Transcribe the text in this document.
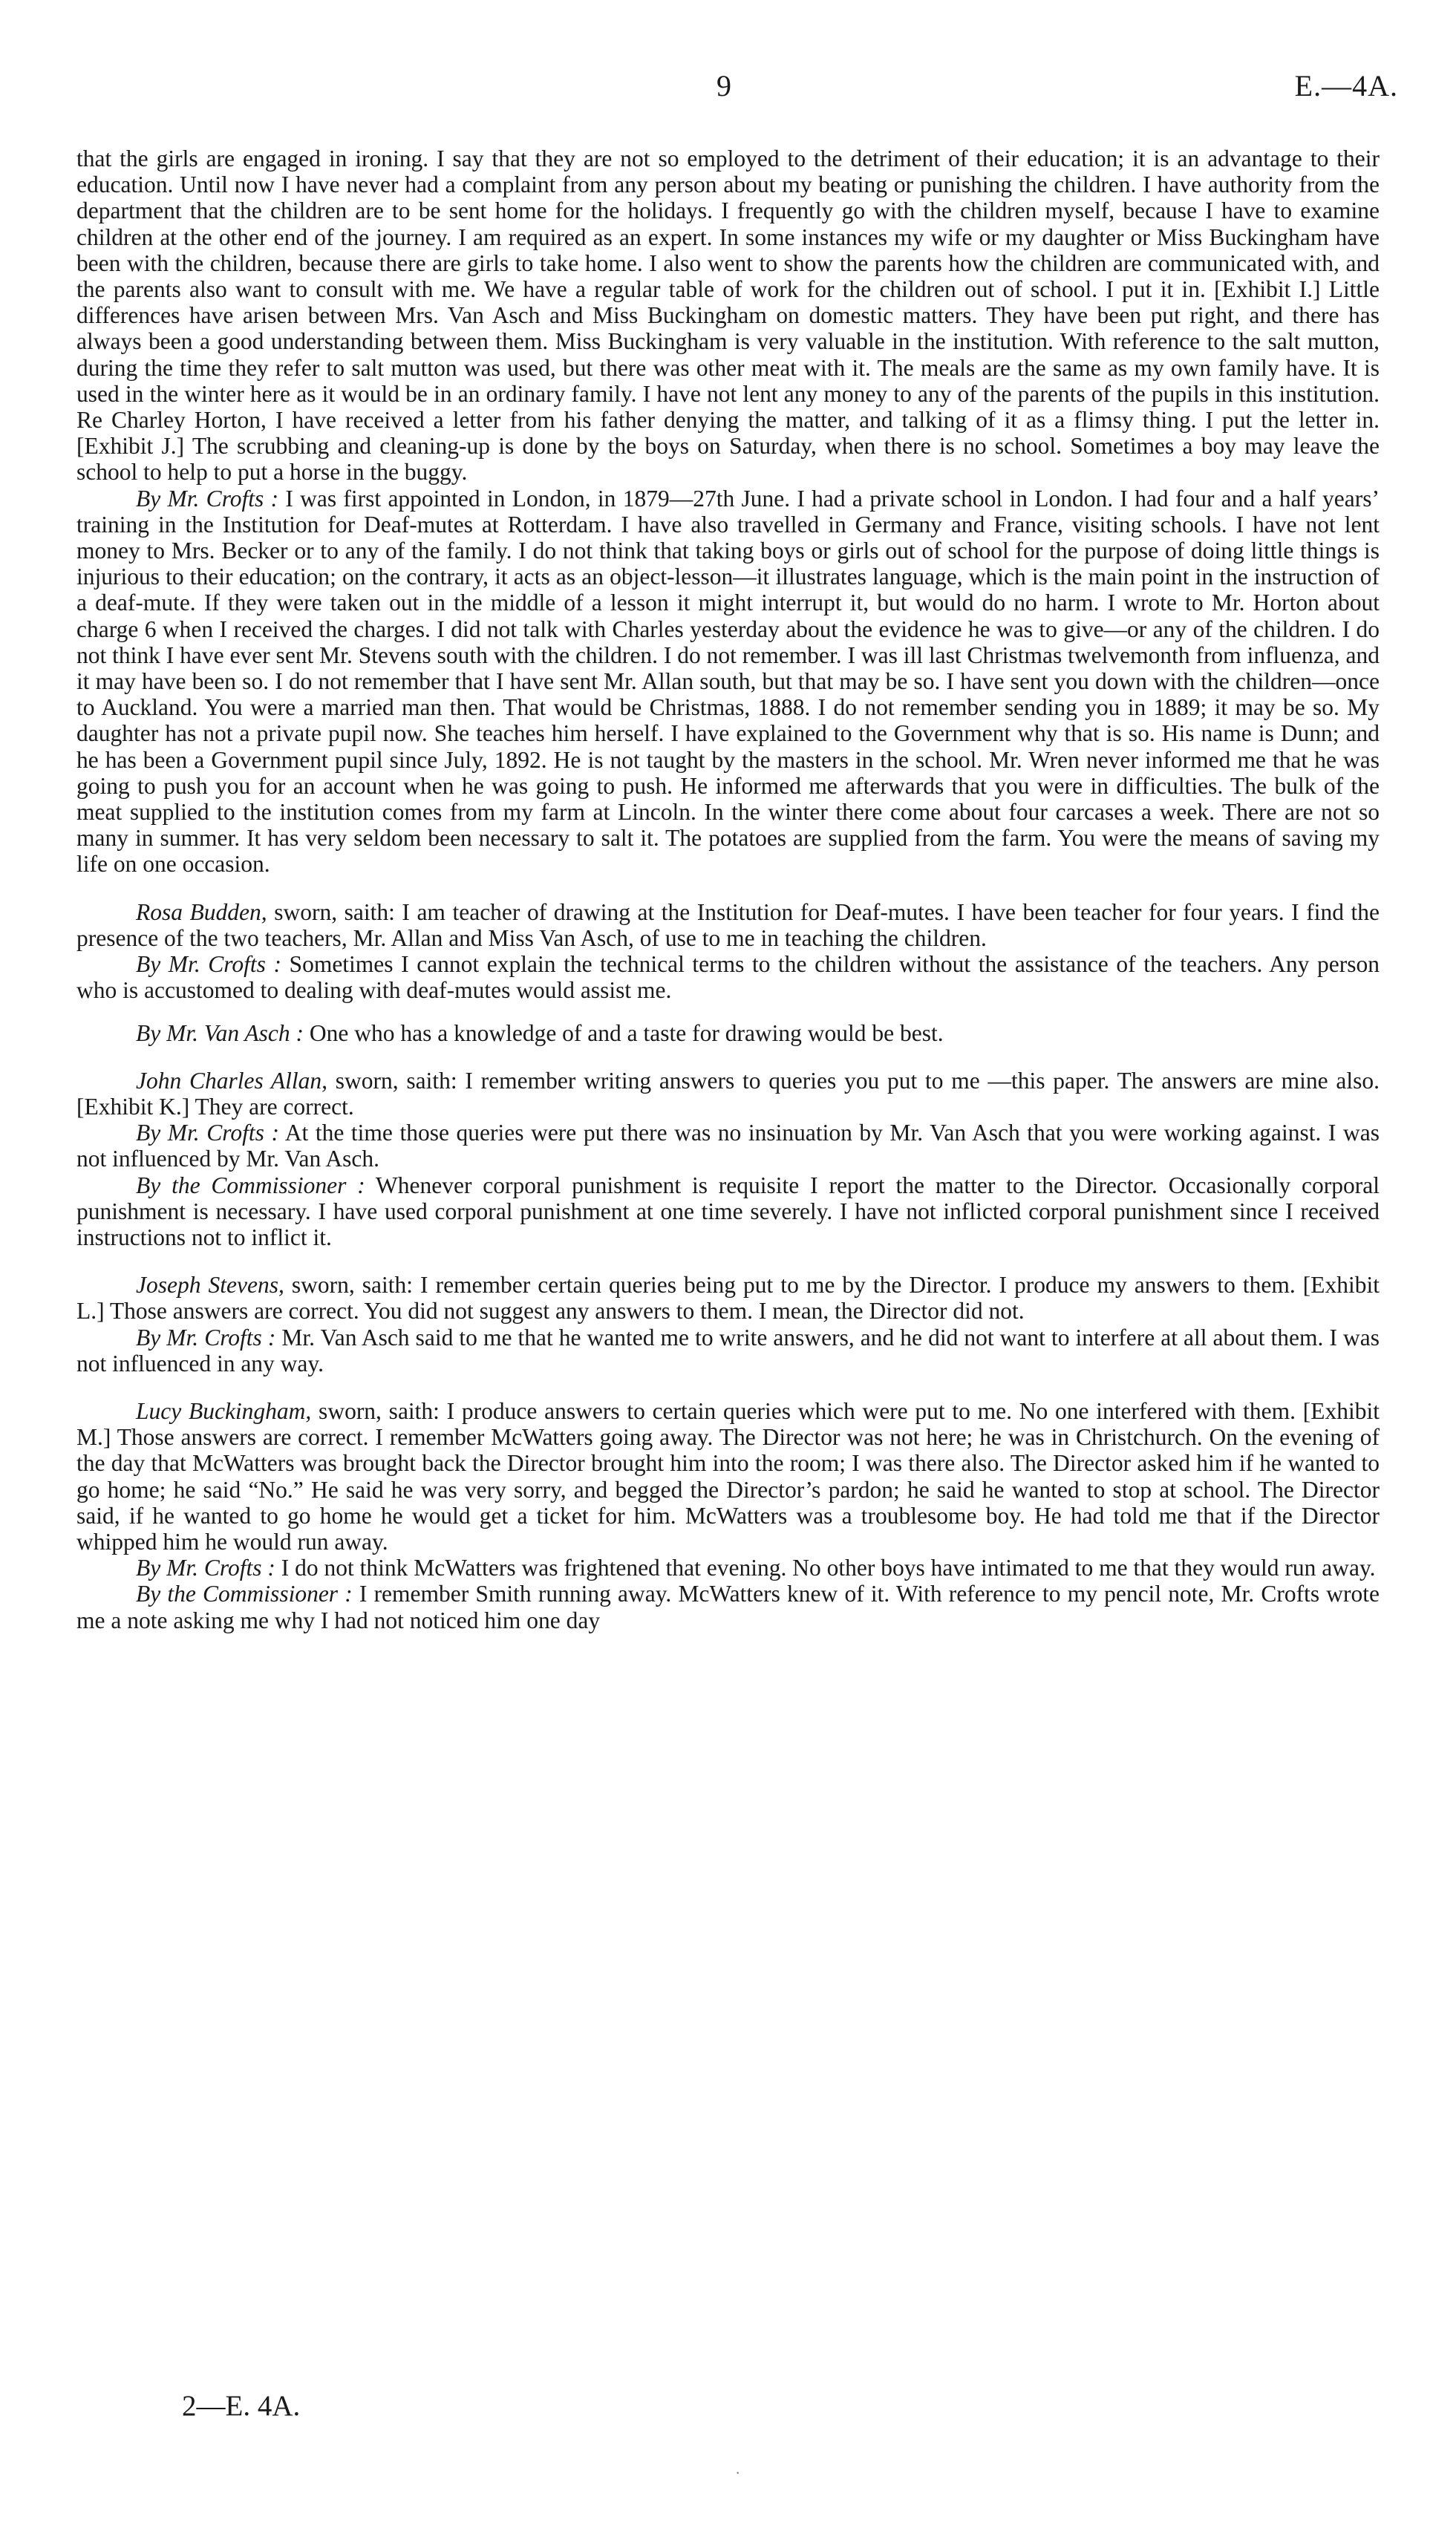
9	E.—4A.

that the girls are engaged in ironing. I say that they are not so employed to the detriment of their education; it is an advantage to their education. Until now I have never had a complaint from any person about my beating or punishing the children. I have authority from the department that the children are to be sent home for the holidays. I frequently go with the children myself, because I have to examine children at the other end of the journey. I am required as an expert. In some instances my wife or my daughter or Miss Buckingham have been with the children, because there are girls to take home. I also went to show the parents how the children are communicated with, and the parents also want to consult with me. We have a regular table of work for the children out of school. I put it in. [Exhibit I.] Little differences have arisen between Mrs. Van Asch and Miss Buckingham on domestic matters. They have been put right, and there has always been a good understanding between them. Miss Buckingham is very valuable in the institution. With reference to the salt mutton, during the time they refer to salt mutton was used, but there was other meat with it. The meals are the same as my own family have. It is used in the winter here as it would be in an ordinary family. I have not lent any money to any of the parents of the pupils in this institution. Re Charley Horton, I have received a letter from his father denying the matter, and talking of it as a flimsy thing. I put the letter in. [Exhibit J.] The scrubbing and cleaning-up is done by the boys on Saturday, when there is no school. Sometimes a boy may leave the school to help to put a horse in the buggy.

By Mr. Crofts : I was first appointed in London, in 1879—27th June. I had a private school in London. I had four and a half years’ training in the Institution for Deaf-mutes at Rotterdam. I have also travelled in Germany and France, visiting schools. I have not lent money to Mrs. Becker or to any of the family. I do not think that taking boys or girls out of school for the purpose of doing little things is injurious to their education; on the contrary, it acts as an object-lesson—it illustrates language, which is the main point in the instruction of a deaf-mute. If they were taken out in the middle of a lesson it might interrupt it, but would do no harm. I wrote to Mr. Horton about charge 6 when I received the charges. I did not talk with Charles yesterday about the evidence he was to give—or any of the children. I do not think I have ever sent Mr. Stevens south with the children. I do not remember. I was ill last Christmas twelvemonth from influenza, and it may have been so. I do not remember that I have sent Mr. Allan south, but that may be so. I have sent you down with the children—once to Auckland. You were a married man then. That would be Christmas, 1888. I do not remember sending you in 1889; it may be so. My daughter has not a private pupil now. She teaches him herself. I have explained to the Government why that is so. His name is Dunn; and he has been a Government pupil since July, 1892. He is not taught by the masters in the school. Mr. Wren never informed me that he was going to push you for an account when he was going to push. He informed me afterwards that you were in difficulties. The bulk of the meat supplied to the institution comes from my farm at Lincoln. In the winter there come about four carcases a week. There are not so many in summer. It has very seldom been necessary to salt it. The potatoes are supplied from the farm. You were the means of saving my life on one occasion.

Rosa Budden, sworn, saith: I am teacher of drawing at the Institution for Deaf-mutes. I have been teacher for four years. I find the presence of the two teachers, Mr. Allan and Miss Van Asch, of use to me in teaching the children.

By Mr. Crofts : Sometimes I cannot explain the technical terms to the children without the assistance of the teachers. Any person who is accustomed to dealing with deaf-mutes would assist me.

By Mr. Van Asch : One who has a knowledge of and a taste for drawing would be best.

John Charles Allan, sworn, saith: I remember writing answers to queries you put to me —this paper. The answers are mine also. [Exhibit K.] They are correct.

By Mr. Crofts : At the time those queries were put there was no insinuation by Mr. Van Asch that you were working against. I was not influenced by Mr. Van Asch.

By the Commissioner : Whenever corporal punishment is requisite I report the matter to the Director. Occasionally corporal punishment is necessary. I have used corporal punishment at one time severely. I have not inflicted corporal punishment since I received instructions not to inflict it.

Joseph Stevens, sworn, saith: I remember certain queries being put to me by the Director. I produce my answers to them. [Exhibit L.] Those answers are correct. You did not suggest any answers to them. I mean, the Director did not.

By Mr. Crofts : Mr. Van Asch said to me that he wanted me to write answers, and he did not want to interfere at all about them. I was not influenced in any way.

Lucy Buckingham, sworn, saith: I produce answers to certain queries which were put to me. No one interfered with them. [Exhibit M.] Those answers are correct. I remember McWatters going away. The Director was not here; he was in Christchurch. On the evening of the day that McWatters was brought back the Director brought him into the room; I was there also. The Director asked him if he wanted to go home; he said “No.” He said he was very sorry, and begged the Director’s pardon; he said he wanted to stop at school. The Director said, if he wanted to go home he would get a ticket for him. McWatters was a troublesome boy. He had told me that if the Director whipped him he would run away.

By Mr. Crofts : I do not think McWatters was frightened that evening. No other boys have intimated to me that they would run away.

By the Commissioner : I remember Smith running away. McWatters knew of it. With reference to my pencil note, Mr. Crofts wrote me a note asking me why I had not noticed him one day

2—E. 4A.
·
